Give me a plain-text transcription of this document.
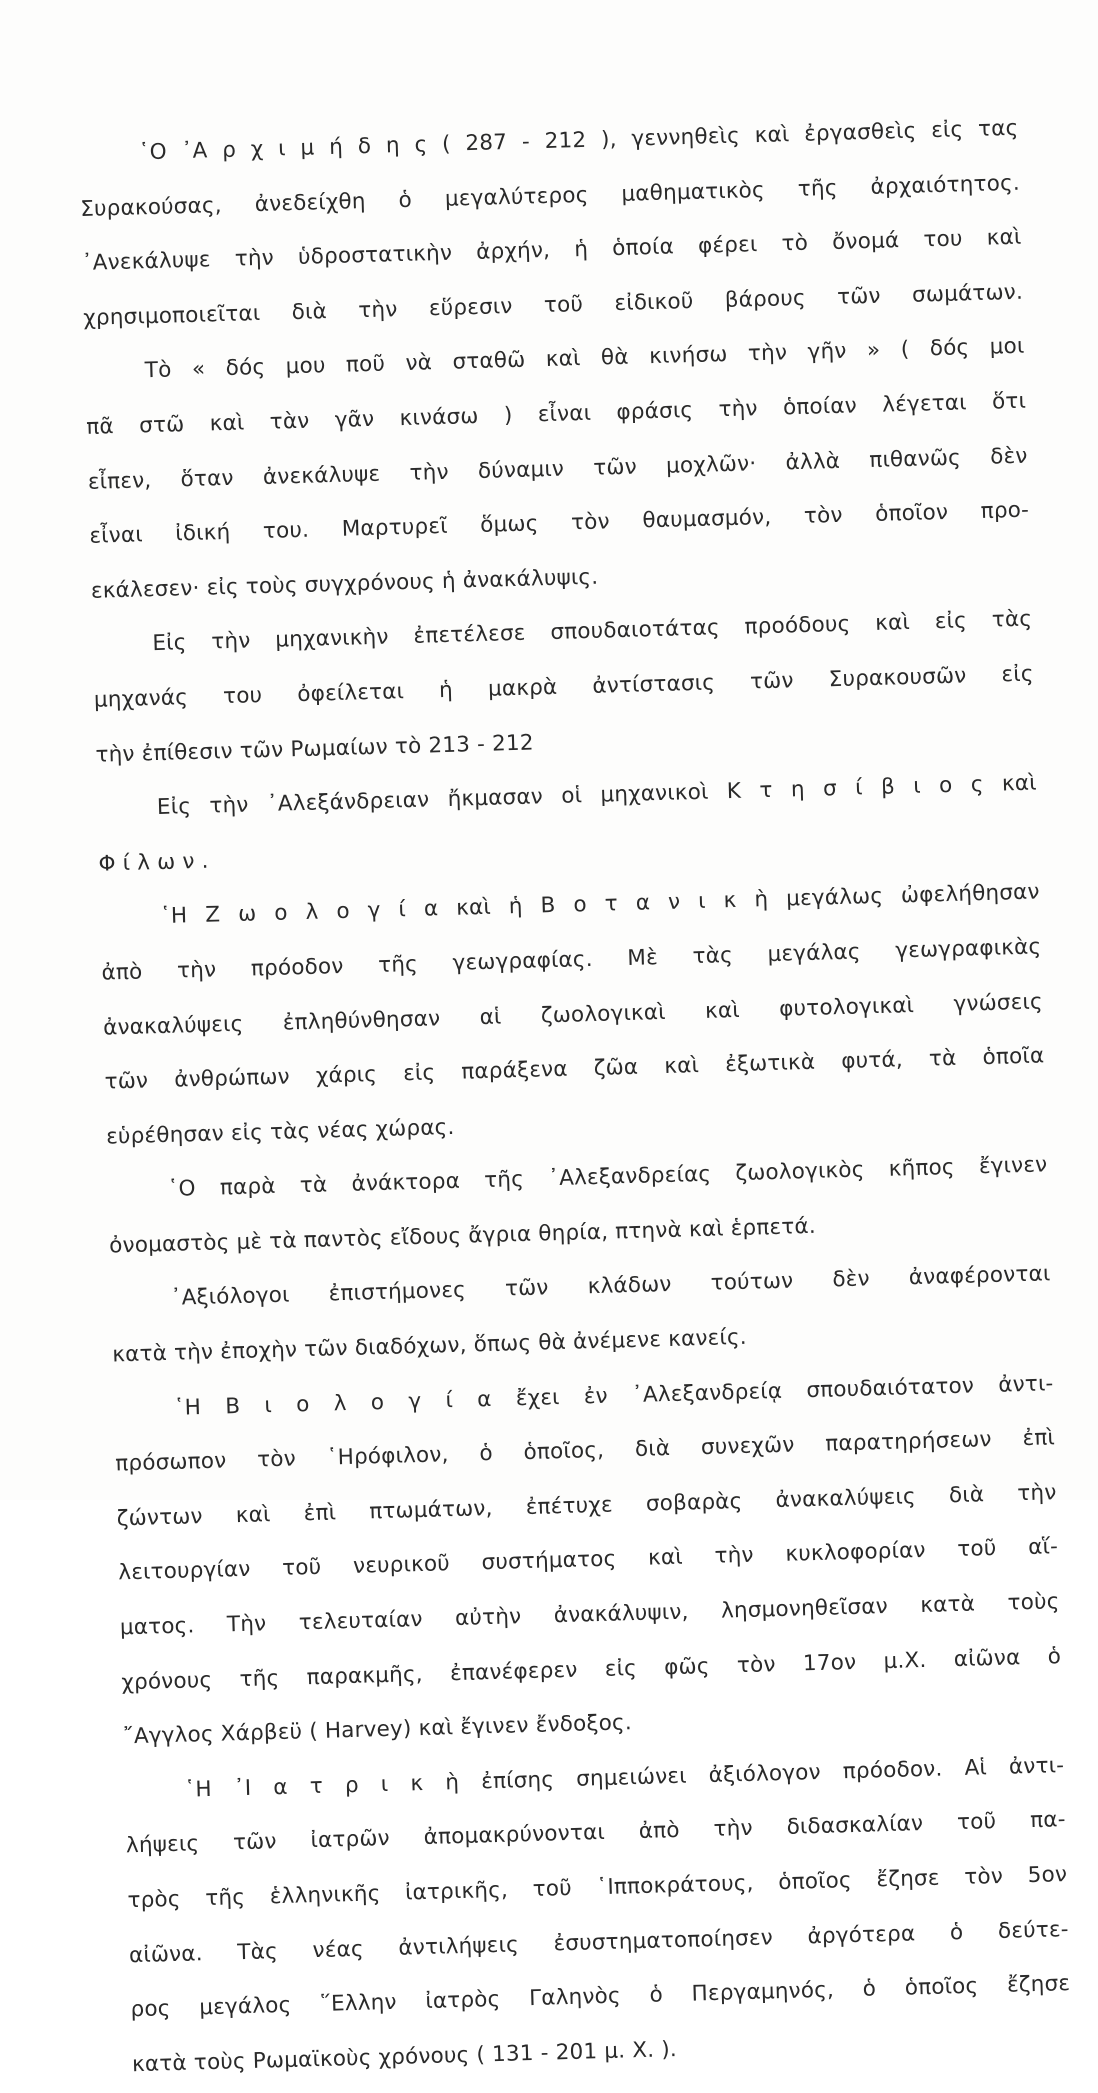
῾Ο ᾿Α ρ χ ι μ ή δ η ς ( 287 - 212 ), γεννηθεὶς καὶ ἐργασθεὶς εἰς τας
Συρακούσας, ἀνεδείχθη ὁ μεγαλύτερος μαθηματικὸς τῆς ἀρχαιότητος.
᾿Ανεκάλυψε τὴν ὑδροστατικὴν ἀρχήν, ἡ ὁποία φέρει τὸ ὄνομά του καὶ
χρησιμοποιεῖται διὰ τὴν εὕρεσιν τοῦ εἰδικοῦ βάρους τῶν σωμάτων.
Τὸ « δός μου ποῦ νὰ σταθῶ καὶ θὰ κινήσω τὴν γῆν » ( δός μοι
πᾶ στῶ καὶ τὰν γᾶν κινάσω ) εἶναι φράσις τὴν ὁποίαν λέγεται ὅτι
εἶπεν, ὅταν ἀνεκάλυψε τὴν δύναμιν τῶν μοχλῶν· ἀλλὰ πιθανῶς δὲν
εἶναι ἰδική του. Μαρτυρεῖ ὅμως τὸν θαυμασμόν, τὸν ὁποῖον προ-
εκάλεσεν· εἰς τοὺς συγχρόνους ἡ ἀνακάλυψις.
Εἰς τὴν μηχανικὴν ἐπετέλεσε σπουδαιοτάτας προόδους καὶ εἰς τὰς
μηχανάς του ὀφείλεται ἡ μακρὰ ἀντίστασις τῶν Συρακουσῶν εἰς
τὴν ἐπίθεσιν τῶν Ρωμαίων τὸ 213 - 212
Εἰς τὴν ᾿Αλεξάνδρειαν ἤκμασαν οἱ μηχανικοὶ Κ τ η σ ί β ι ο ς καὶ
Φ ί λ ω ν .
῾Η Ζ ω ο λ ο γ ί α καὶ ἡ Β ο τ α ν ι κ ὴ μεγάλως ὠφελήθησαν
ἀπὸ τὴν πρόοδον τῆς γεωγραφίας. Μὲ τὰς μεγάλας γεωγραφικὰς
ἀνακαλύψεις ἐπληθύνθησαν αἱ ζωολογικαὶ καὶ φυτολογικαὶ γνώσεις
τῶν ἀνθρώπων χάρις εἰς παράξενα ζῶα καὶ ἐξωτικὰ φυτά, τὰ ὁποῖα
εὑρέθησαν εἰς τὰς νέας χώρας.
῾Ο παρὰ τὰ ἀνάκτορα τῆς ᾿Αλεξανδρείας ζωολογικὸς κῆπος ἔγινεν
ὀνομαστὸς μὲ τὰ παντὸς εἴδους ἄγρια θηρία, πτηνὰ καὶ ἑρπετά.
᾿Αξιόλογοι ἐπιστήμονες τῶν κλάδων τούτων δὲν ἀναφέρονται
κατὰ τὴν ἐποχὴν τῶν διαδόχων, ὅπως θὰ ἀνέμενε κανείς.
῾Η Β ι ο λ ο γ ί α ἔχει ἐν ᾿Αλεξανδρείᾳ σπουδαιότατον ἀντι-
πρόσωπον τὸν ῾Ηρόφιλον, ὁ ὁποῖος, διὰ συνεχῶν παρατηρήσεων ἐπὶ
ζώντων καὶ ἐπὶ πτωμάτων, ἐπέτυχε σοβαρὰς ἀνακαλύψεις διὰ τὴν
λειτουργίαν τοῦ νευρικοῦ συστήματος καὶ τὴν κυκλοφορίαν τοῦ αἵ-
ματος. Τὴν τελευταίαν αὐτὴν ἀνακάλυψιν, λησμονηθεῖσαν κατὰ τοὺς
χρόνους τῆς παρακμῆς, ἐπανέφερεν εἰς φῶς τὸν 17ον μ.Χ. αἰῶνα ὁ
῎Αγγλος Χάρβεϋ ( Harvey) καὶ ἔγινεν ἔνδοξος.
῾Η ᾿Ι α τ ρ ι κ ὴ ἐπίσης σημειώνει ἀξιόλογον πρόοδον. Αἱ ἀντι-
λήψεις τῶν ἰατρῶν ἀπομακρύνονται ἀπὸ τὴν διδασκαλίαν τοῦ πα-
τρὸς τῆς ἑλληνικῆς ἰατρικῆς, τοῦ ῾Ιπποκράτους, ὁποῖος ἔζησε τὸν 5ον
αἰῶνα. Τὰς νέας ἀντιλήψεις ἐσυστηματοποίησεν ἀργότερα ὁ δεύτε-
ρος μεγάλος ῞Ελλην ἰατρὸς Γαληνὸς ὁ Περγαμηνός, ὁ ὁποῖος ἔζησε
κατὰ τοὺς Ρωμαϊκοὺς χρόνους ( 131 - 201 μ. Χ. ).
